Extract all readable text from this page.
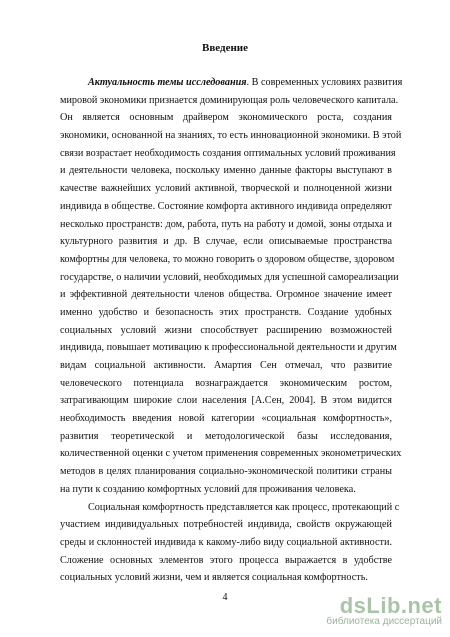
Введение
Актуальность темы исследования. В современных условиях развития
мировой экономики признается доминирующая роль человеческого капитала.
Он является основным драйвером экономического роста, создания
экономики, основанной на знаниях, то есть инновационной экономики. В этой
связи возрастает необходимость создания оптимальных условий проживания
и деятельности человека, поскольку именно данные факторы выступают в
качестве важнейших условий активной, творческой и полноценной жизни
индивида в обществе. Состояние комфорта активного индивида определяют
несколько пространств: дом, работа, путь на работу и домой, зоны отдыха и
культурного развития и др. В случае, если описываемые пространства
комфортны для человека, то можно говорить о здоровом обществе, здоровом
государстве, о наличии условий, необходимых для успешной самореализации
и эффективной деятельности членов общества. Огромное значение имеет
именно удобство и безопасность этих пространств. Создание удобных
социальных условий жизни способствует расширению возможностей
индивида, повышает мотивацию к профессиональной деятельности и другим
видам социальной активности. Амартия Сен отмечал, что развитие
человеческого потенциала вознаграждается экономическим ростом,
затрагивающим широкие слои населения [А.Сен, 2004]. В этом видится
необходимость введения новой категории «социальная комфортность»,
развития теоретической и методологической базы исследования,
количественной оценки с учетом применения современных эконометрических
методов в целях планирования социально-экономической политики страны
на пути к созданию комфортных условий для проживания человека.
Социальная комфортность представляется как процесс, протекающий с
участием индивидуальных потребностей индивида, свойств окружающей
среды и склонностей индивида к какому-либо виду социальной активности.
Сложение основных элементов этого процесса выражается в удобстве
социальных условий жизни, чем и является социальная комфортность.
4	dsLib.net
библиотека диссертаций
